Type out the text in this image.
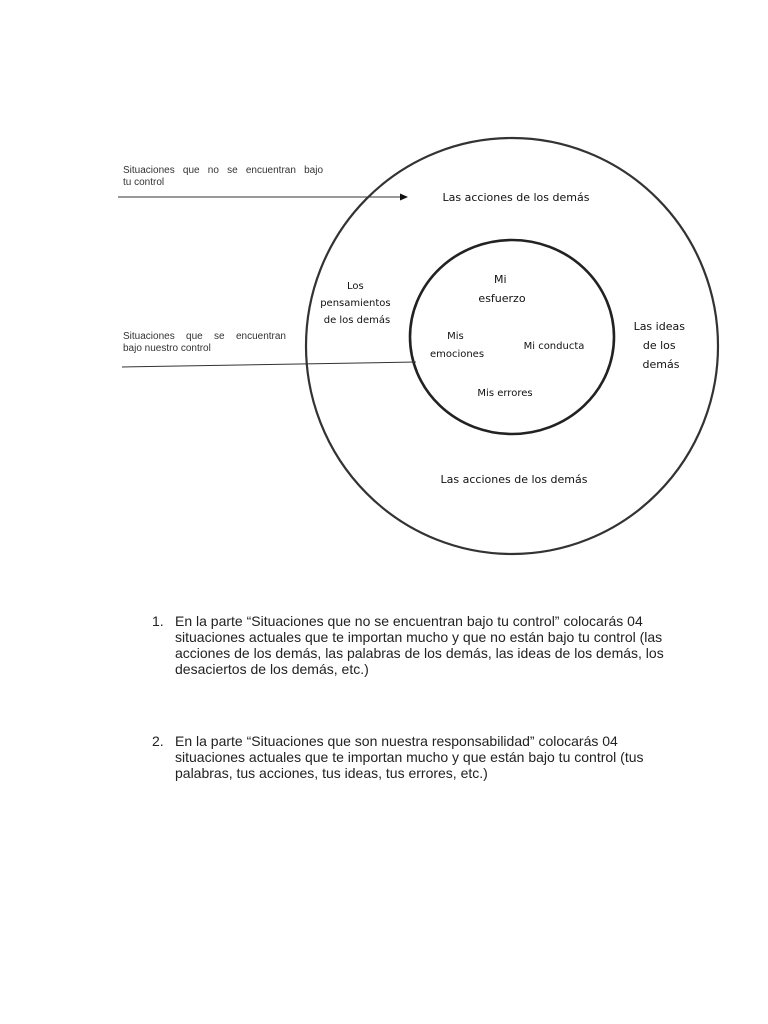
Las acciones de los demás
Las acciones de los demás
Los pensamientos de los demás	Las ideas de los demás
Mi esfuerzo
Mis emociones
Mi conducta
Mis errores
Situaciones que no se encuentran bajo
tu control
Situaciones que se encuentran
bajo nuestro control
1. En la parte “Situaciones que no se encuentran bajo tu control” colocarás 04 situaciones actuales que te importan mucho y que no están bajo tu control (las acciones de los demás, las palabras de los demás, las ideas de los demás, los desaciertos de los demás, etc.)
2. En la parte “Situaciones que son nuestra responsabilidad” colocarás 04 situaciones actuales que te importan mucho y que están bajo tu control (tus palabras, tus acciones, tus ideas, tus errores, etc.)
